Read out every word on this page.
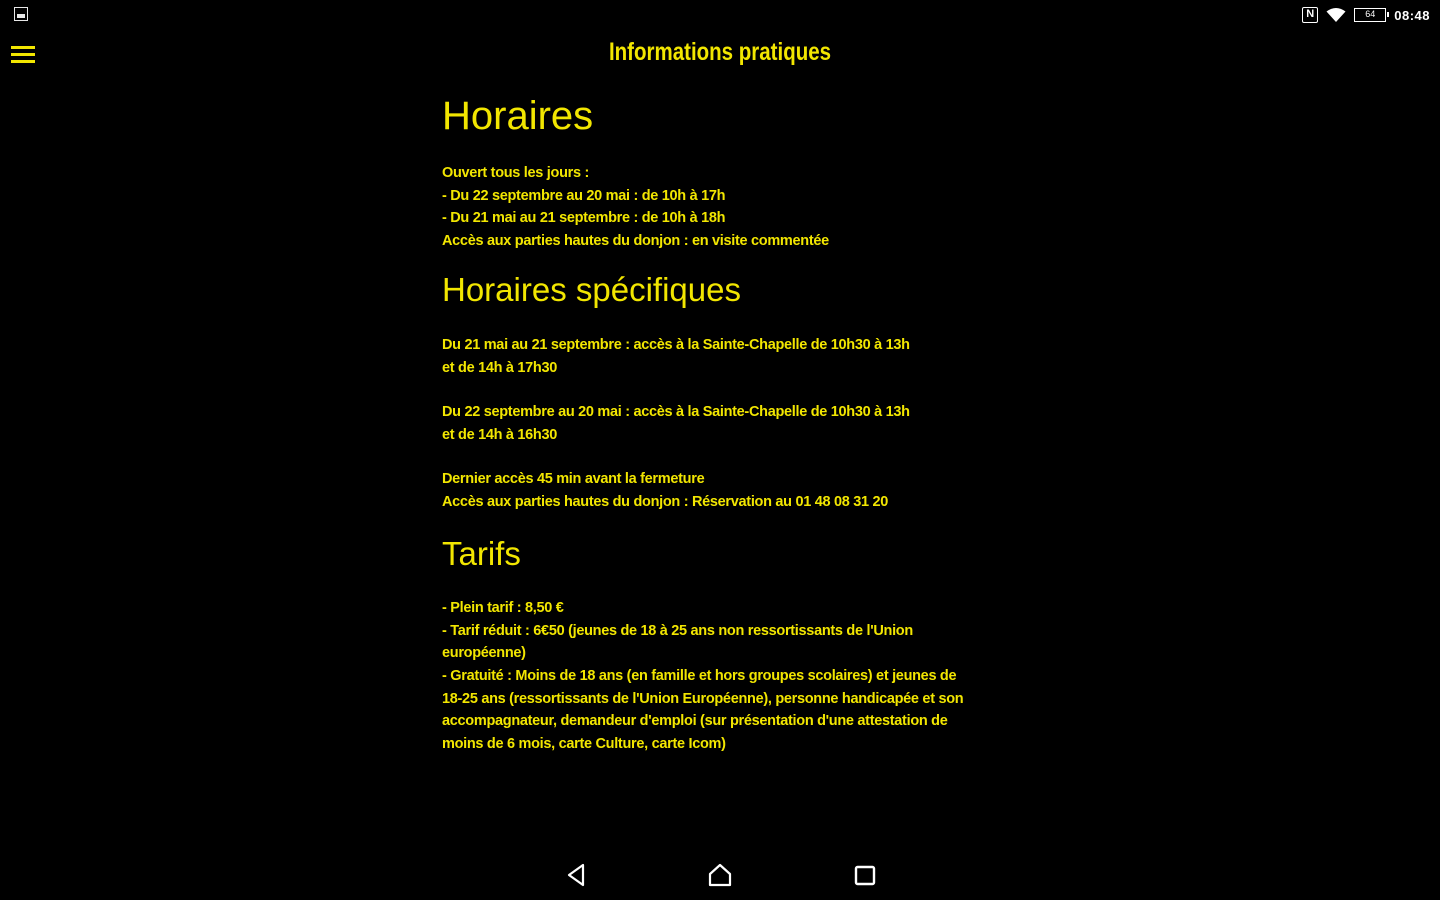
N	64	08:48
Informations pratiques
Horaires

Ouvert tous les jours :
- Du 22 septembre au 20 mai : de 10h à 17h
- Du 21 mai au 21 septembre : de 10h à 18h
Accès aux parties hautes du donjon : en visite commentée

Horaires spécifiques

Du 21 mai au 21 septembre : accès à la Sainte-Chapelle de 10h30 à 13h
et de 14h à 17h30

Du 22 septembre au 20 mai : accès à la Sainte-Chapelle de 10h30 à 13h
et de 14h à 16h30

Dernier accès 45 min avant la fermeture
Accès aux parties hautes du donjon : Réservation au 01 48 08 31 20

Tarifs

- Plein tarif : 8,50 €
- Tarif réduit : 6€50 (jeunes de 18 à 25 ans non ressortissants de l'Union
européenne)
- Gratuité : Moins de 18 ans (en famille et hors groupes scolaires) et jeunes de
18-25 ans (ressortissants de l'Union Européenne), personne handicapée et son
accompagnateur, demandeur d'emploi (sur présentation d'une attestation de
moins de 6 mois, carte Culture, carte Icom)
